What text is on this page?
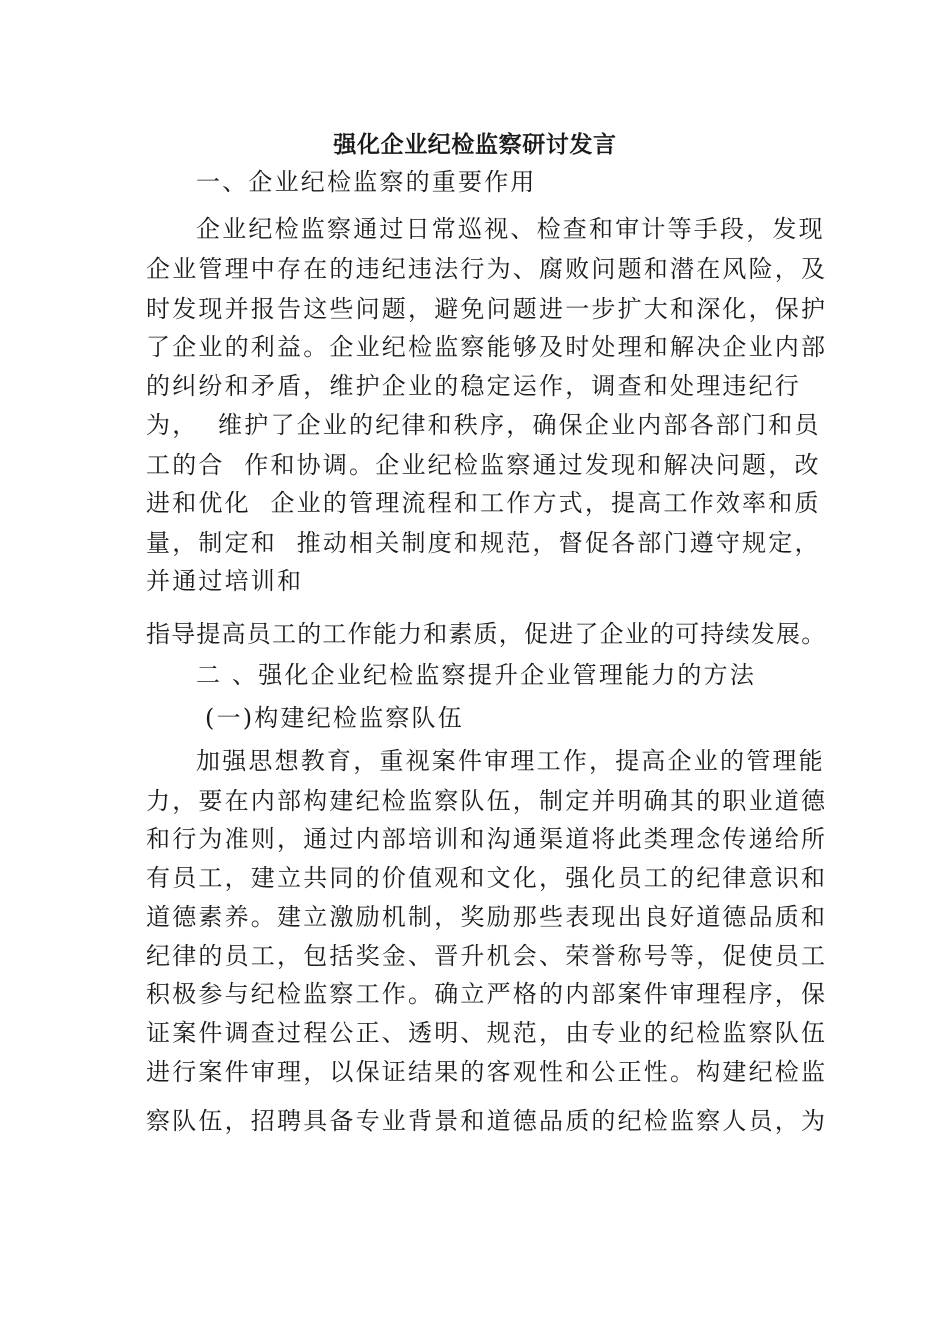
强化企业纪检监察研讨发言
一、企业纪检监察的重要作用
企业纪检监察通过日常巡视、检查和审计等手段，发现
企业管理中存在的违纪违法行为、腐败问题和潜在风险，及
时发现并报告这些问题，避免问题进一步扩大和深化，保护
了企业的利益。企业纪检监察能够及时处理和解决企业内部
的纠纷和矛盾，维护企业的稳定运作，调查和处理违纪行
为，  维护了企业的纪律和秩序，确保企业内部各部门和员
工的合  作和协调。企业纪检监察通过发现和解决问题，改
进和优化  企业的管理流程和工作方式，提高工作效率和质
量，制定和  推动相关制度和规范，督促各部门遵守规定，
并通过培训和
指导提高员工的工作能力和素质，促进了企业的可持续发展。
二 、强化企业纪检监察提升企业管理能力的方法
(一)构建纪检监察队伍
加强思想教育，重视案件审理工作，提高企业的管理能
力，要在内部构建纪检监察队伍，制定并明确其的职业道德
和行为准则，通过内部培训和沟通渠道将此类理念传递给所
有员工，建立共同的价值观和文化，强化员工的纪律意识和
道德素养。建立激励机制，奖励那些表现出良好道德品质和
纪律的员工，包括奖金、晋升机会、荣誉称号等，促使员工
积极参与纪检监察工作。确立严格的内部案件审理程序，保
证案件调查过程公正、透明、规范，由专业的纪检监察队伍
进行案件审理，以保证结果的客观性和公正性。构建纪检监
察队伍，招聘具备专业背景和道德品质的纪检监察人员，为
